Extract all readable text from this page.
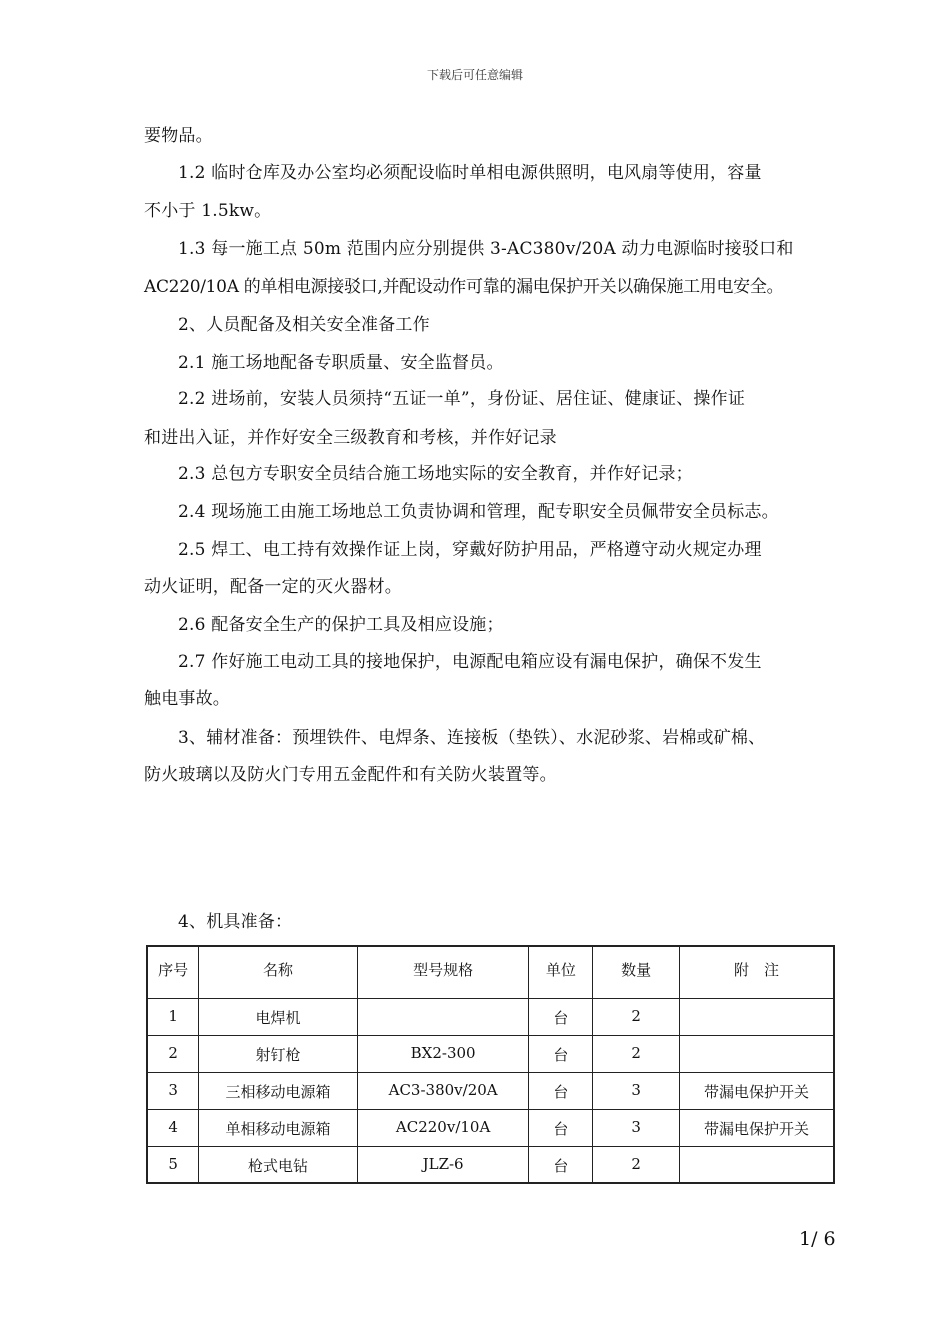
下载后可任意编辑
要物品。
1.2 临时仓库及办公室均必须配设临时单相电源供照明，电风扇等使用，容量
不小于 1.5kw。
1.3 每一施工点 50m 范围内应分别提供 3-AC380v/20A 动力电源临时接驳口和
AC220/10A 的单相电源接驳口,并配设动作可靠的漏电保护开关以确保施工用电安全。
2、人员配备及相关安全准备工作
2.1 施工场地配备专职质量、安全监督员。
2.2 进场前，安装人员须持“五证一单”，身份证、居住证、健康证、操作证
和进出入证，并作好安全三级教育和考核，并作好记录
2.3 总包方专职安全员结合施工场地实际的安全教育，并作好记录；
2.4 现场施工由施工场地总工负责协调和管理，配专职安全员佩带安全员标志。
2.5 焊工、电工持有效操作证上岗，穿戴好防护用品，严格遵守动火规定办理
动火证明，配备一定的灭火器材。
2.6 配备安全生产的保护工具及相应设施；
2.7 作好施工电动工具的接地保护，电源配电箱应设有漏电保护，确保不发生
触电事故。
3、辅材准备：预埋铁件、电焊条、连接板（垫铁）、水泥砂浆、岩棉或矿棉、
防火玻璃以及防火门专用五金配件和有关防火装置等。
4、机具准备：
序号	名称	型号规格	单位	数量	附　注
1	电焊机		台	2	
2	射钉枪	BX2-300	台	2	
3	三相移动电源箱	AC3-380v/20A	台	3	带漏电保护开关
4	单相移动电源箱	AC220v/10A	台	3	带漏电保护开关
5	枪式电钻	JLZ-6	台	2	
1/ 6
